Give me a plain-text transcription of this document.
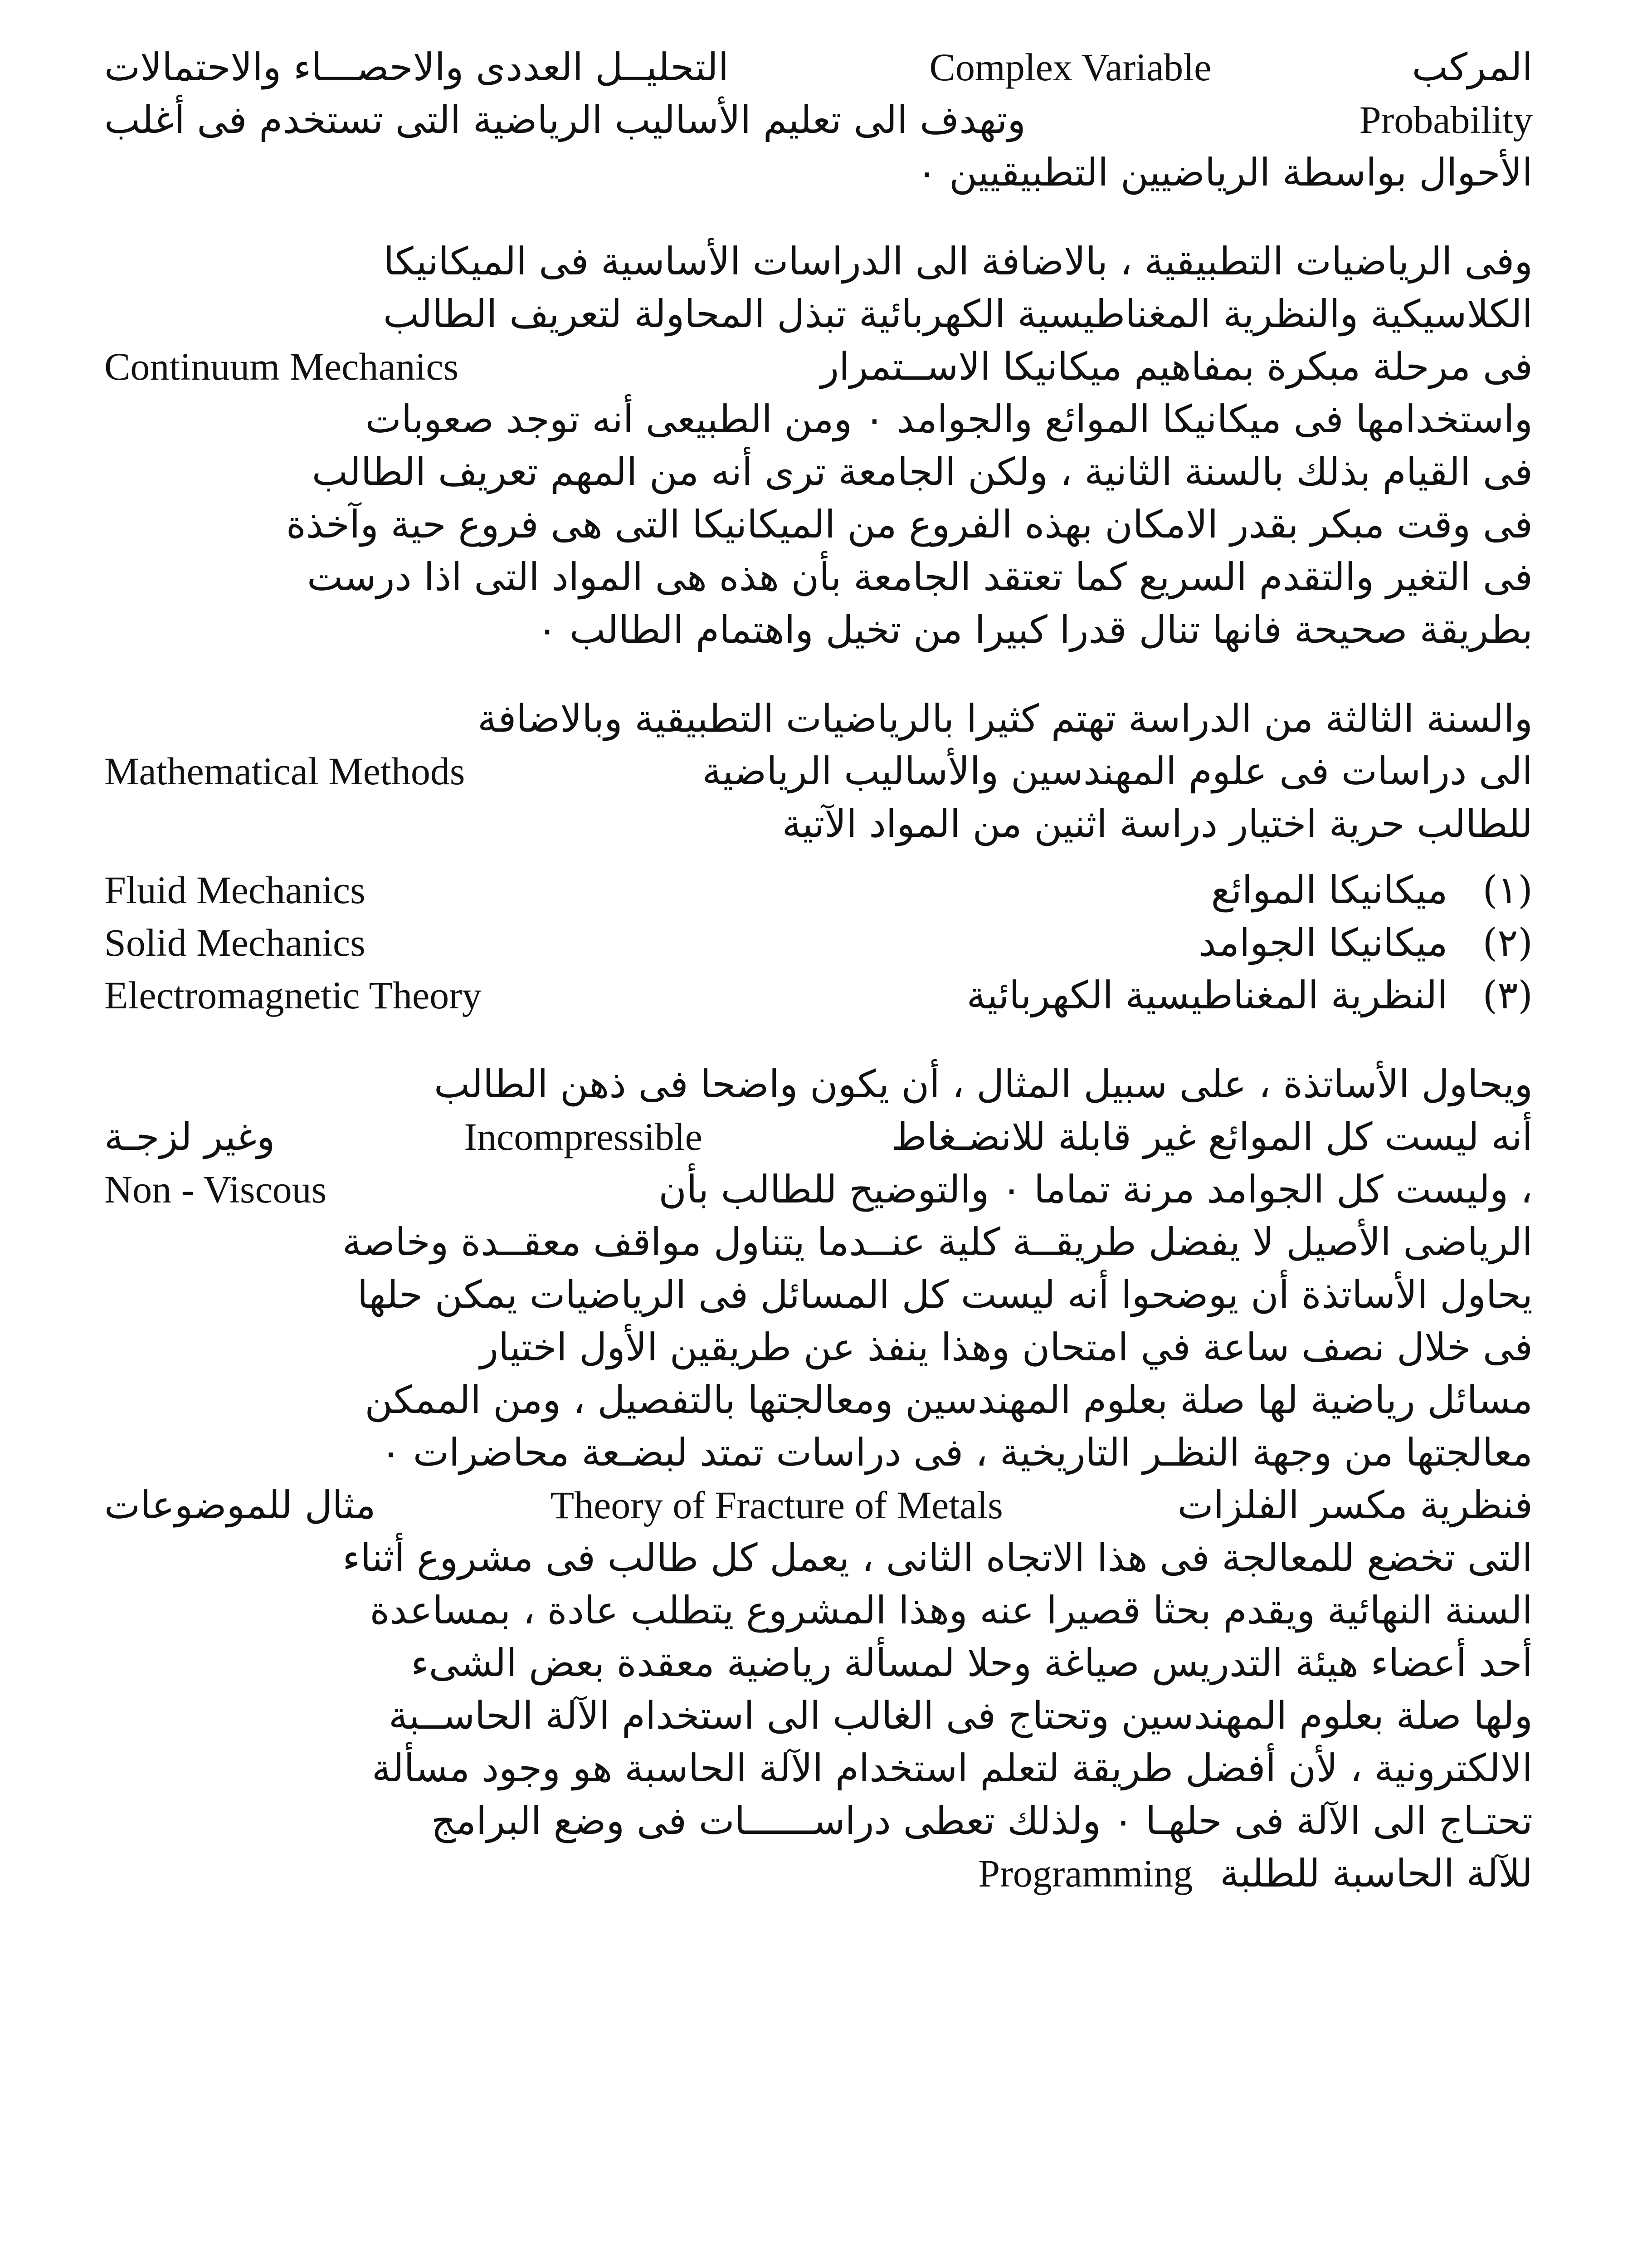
المركب
Complex Variable
التحليــل العددى والاحصـــاء والاحتمالات
Probability
وتهدف الى تعليم الأساليب الرياضية التى تستخدم فى أغلب
الأحوال بواسطة الرياضيين التطبيقيين ٠
وفى الرياضيات التطبيقية ، بالاضافة الى الدراسات الأساسية فى الميكانيكا
الكلاسيكية والنظرية المغناطيسية الكهربائية تبذل المحاولة لتعريف الطالب
فى مرحلة مبكرة بمفاهيم ميكانيكا الاســتمرار
Continuum Mechanics
واستخدامها فى ميكانيكا الموائع والجوامد ٠ ومن الطبيعى أنه توجد صعوبات
فى القيام بذلك بالسنة الثانية ، ولكن الجامعة ترى أنه من المهم تعريف الطالب
فى وقت مبكر بقدر الامكان بهذه الفروع من الميكانيكا التى هى فروع حية وآخذة
فى التغير والتقدم السريع كما تعتقد الجامعة بأن هذه هى المواد التى اذا درست
بطريقة صحيحة فانها تنال قدرا كبيرا من تخيل واهتمام الطالب ٠
والسنة الثالثة من الدراسة تهتم كثيرا بالرياضيات التطبيقية وبالاضافة
الى دراسات فى علوم المهندسين والأساليب الرياضية
Mathematical Methods
للطالب حرية اختيار دراسة اثنين من المواد الآتية
(١) ميكانيكا الموائع
Fluid Mechanics
(٢) ميكانيكا الجوامد
Solid Mechanics
(٣) النظرية المغناطيسية الكهربائية
Electromagnetic Theory
ويحاول الأساتذة ، على سبيل المثال ، أن يكون واضحا فى ذهن الطالب
أنه ليست كل الموائع غير قابلة للانضـغاط
Incompressible
وغير لزجـة
، وليست كل الجوامد مرنة تماما ٠ والتوضيح للطالب بأن
Non - Viscous
الرياضى الأصيل لا يفضل طريقــة كلية عنــدما يتناول مواقف معقــدة وخاصة
يحاول الأساتذة أن يوضحوا أنه ليست كل المسائل فى الرياضيات يمكن حلها
فى خلال نصف ساعة في امتحان وهذا ينفذ عن طريقين الأول اختيار
مسائل رياضية لها صلة بعلوم المهندسين ومعالجتها بالتفصيل ، ومن الممكن
معالجتها من وجهة النظـر التاريخية ، فى دراسات تمتد لبضـعة محاضرات ٠
فنظرية مكسر الفلزات
Theory of Fracture of Metals
مثال للموضوعات
التى تخضع للمعالجة فى هذا الاتجاه الثانى ، يعمل كل طالب فى مشروع أثناء
السنة النهائية ويقدم بحثا قصيرا عنه وهذا المشروع يتطلب عادة ، بمساعدة
أحد أعضاء هيئة التدريس صياغة وحلا لمسألة رياضية معقدة بعض الشىء
ولها صلة بعلوم المهندسين وتحتاج فى الغالب الى استخدام الآلة الحاســبة
الالكترونية ، لأن أفضل طريقة لتعلم استخدام الآلة الحاسبة هو وجود مسألة
تحتـاج الى الآلة فى حلهـا ٠ ولذلك تعطى دراســــــات فى وضع البرامج
للآلة الحاسبة للطلبة
Programming
